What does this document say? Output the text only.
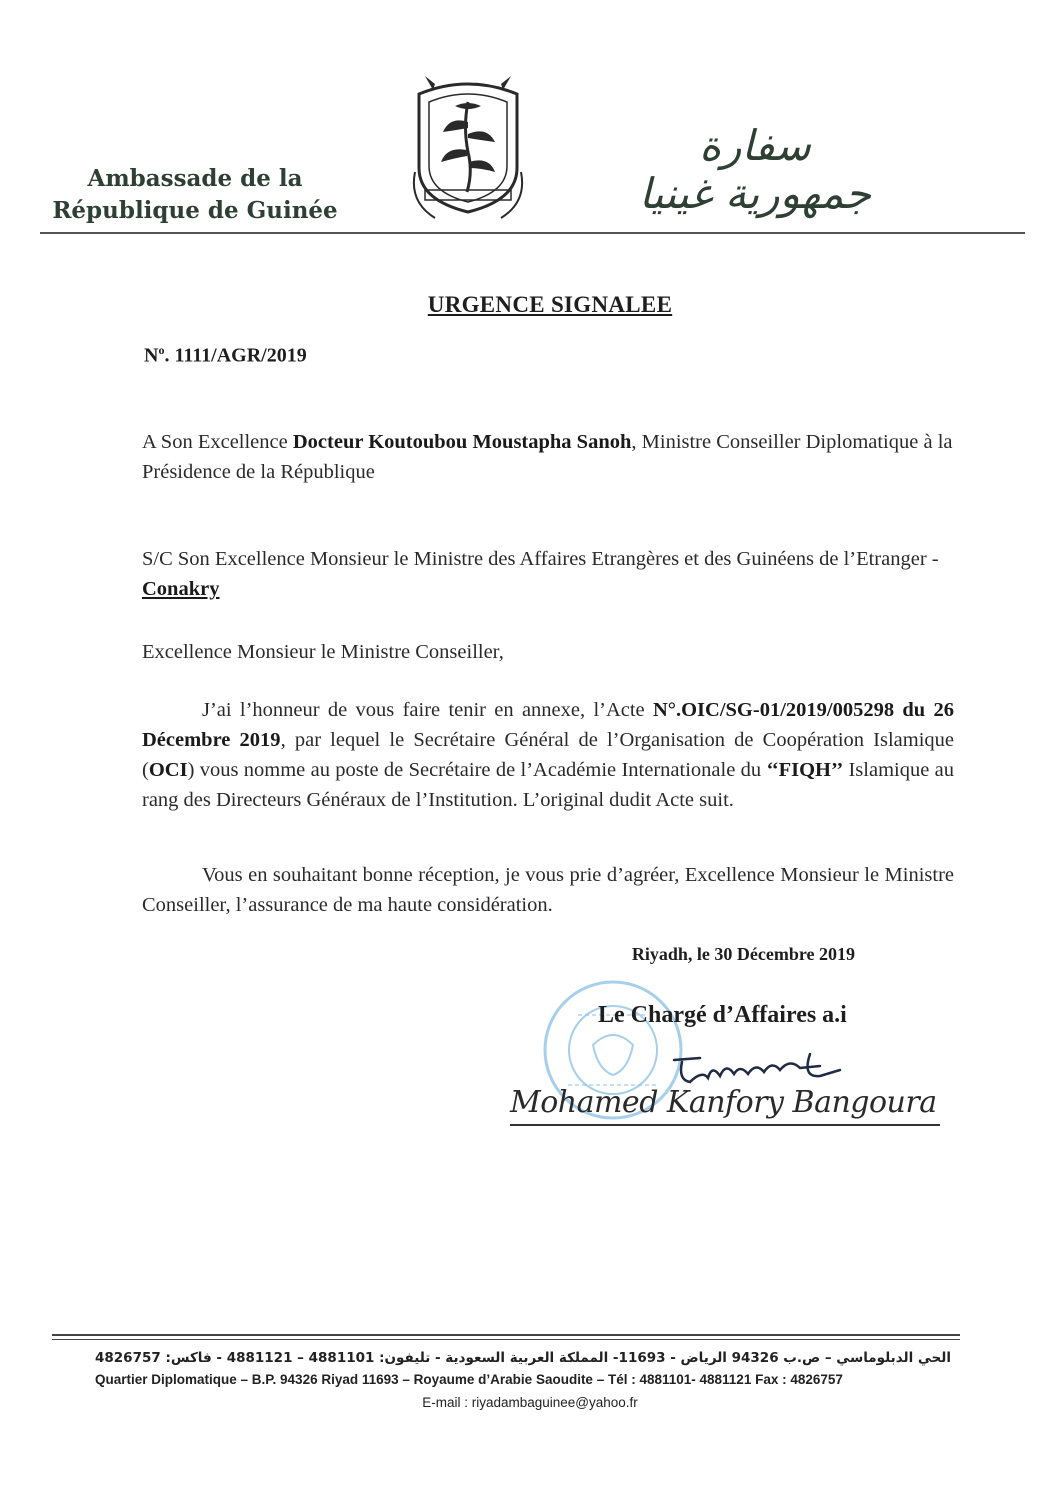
Ambassade de la
République de Guinée
سفارة
جمهورية غينيا
URGENCE SIGNALEE
$N^o$. 1111/AGR/2019
A Son Excellence Docteur Koutoubou Moustapha Sanoh, Ministre Conseiller Diplomatique à la Présidence de la République
S/C Son Excellence Monsieur le Ministre des Affaires Etrangères et des Guinéens de l’Etranger - Conakry
Excellence Monsieur le Ministre Conseiller,
J’ai l’honneur de vous faire tenir en annexe, l’Acte N°.OIC/SG-01/2019/005298 du 26 Décembre 2019, par lequel le Secrétaire Général de l’Organisation de Coopération Islamique (OCI) vous nomme au poste de Secrétaire de l’Académie Internationale du ‘‘FIQH’’ Islamique au rang des Directeurs Généraux de l’Institution. L’original dudit Acte suit.
Vous en souhaitant bonne réception, je vous prie d’agréer, Excellence Monsieur le Ministre Conseiller, l’assurance de ma haute considération.
Riyadh, le 30 Décembre 2019
Le Chargé d’Affaires a.i
Mohamed Kanfory Bangoura
الحي الدبلوماسي – ص.ب 94326 الرياض - 11693- المملكة العربية السعودية - تليفون: 4881101 – 4881121 - فاكس: 4826757
Quartier Diplomatique – B.P. 94326 Riyad 11693 – Royaume d’Arabie Saoudite – Tél : 4881101- 4881121 Fax : 4826757
E-mail : riyadambaguinee@yahoo.fr
